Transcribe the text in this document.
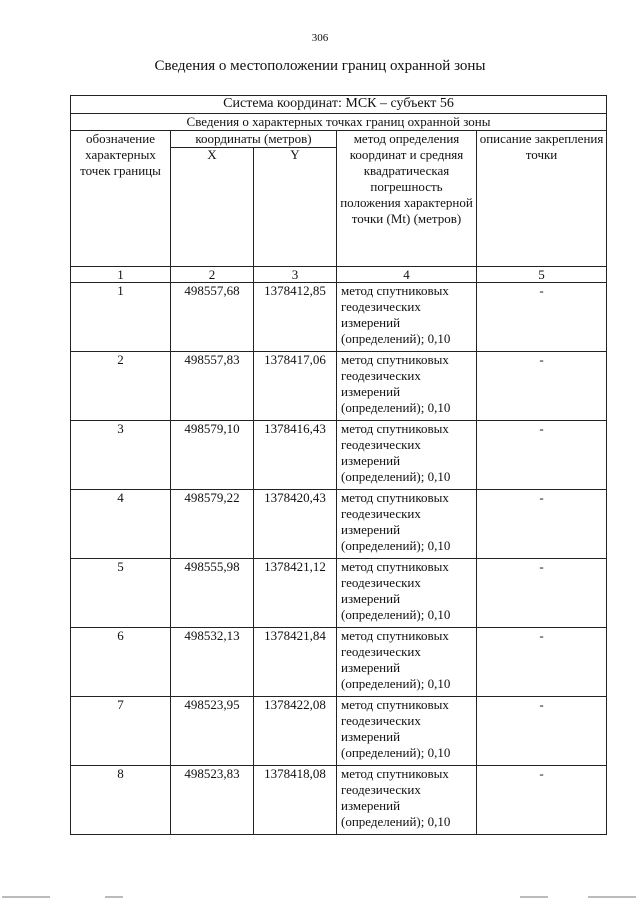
306
Сведения о местоположении границ охранной зоны
Система координат: МСК – субъект 56				
Сведения о характерных точках границ охранной зоны				
обозначение характерных точек границы	координаты (метров)		метод определения координат и средняя квадратическая погрешность положения характерной точки (Mt) (метров)	описание закрепления точки
	X	Y		
1	2	3	4	5
1	498557,68	1378412,85	метод спутниковых геодезических измерений (определений); 0,10	-
2	498557,83	1378417,06	метод спутниковых геодезических измерений (определений); 0,10	-
3	498579,10	1378416,43	метод спутниковых геодезических измерений (определений); 0,10	-
4	498579,22	1378420,43	метод спутниковых геодезических измерений (определений); 0,10	-
5	498555,98	1378421,12	метод спутниковых геодезических измерений (определений); 0,10	-
6	498532,13	1378421,84	метод спутниковых геодезических измерений (определений); 0,10	-
7	498523,95	1378422,08	метод спутниковых геодезических измерений (определений); 0,10	-
8	498523,83	1378418,08	метод спутниковых геодезических измерений (определений); 0,10	-
